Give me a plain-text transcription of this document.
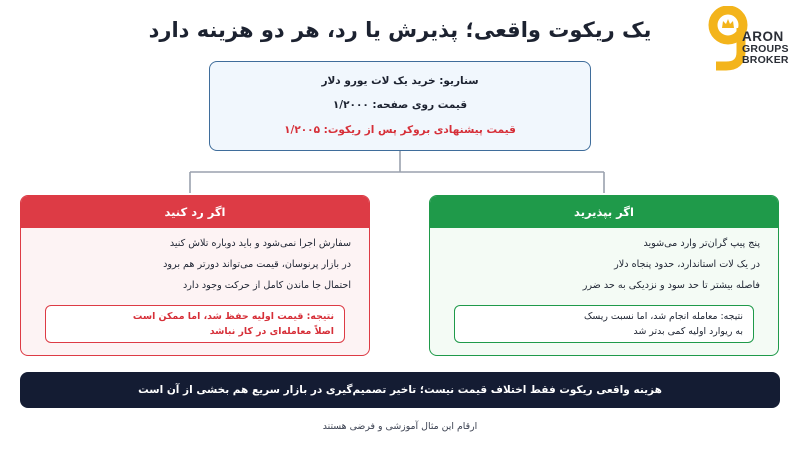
یک ریکوت واقعی؛ پذیرش یا رد، هر دو هزینه دارد	ARON
GROUPS
BROKER
سناریو: خرید یک لات یورو دلار
قیمت روی صفحه: ۱/۲۰۰۰
قیمت پیشنهادی بروکر پس از ریکوت: ۱/۲۰۰۵
اگر بپذیرید
پنج پیپ گران‌تر وارد می‌شوید
در یک لات استاندارد، حدود پنجاه دلار
فاصله بیشتر تا حد سود و نزدیکی به حد ضرر
نتیجه: معامله انجام شد، اما نسبت ریسک
به ریوارد اولیه کمی بدتر شد
اگر رد کنید
سفارش اجرا نمی‌شود و باید دوباره تلاش کنید
در بازار پرنوسان، قیمت می‌تواند دورتر هم برود
احتمال جا ماندن کامل از حرکت وجود دارد
نتیجه: قیمت اولیه حفظ شد، اما ممکن است
اصلاً معامله‌ای در کار نباشد
هزینه واقعی ریکوت فقط اختلاف قیمت نیست؛ تاخیر تصمیم‌گیری در بازار سریع هم بخشی از آن است
ارقام این مثال آموزشی و فرضی هستند
